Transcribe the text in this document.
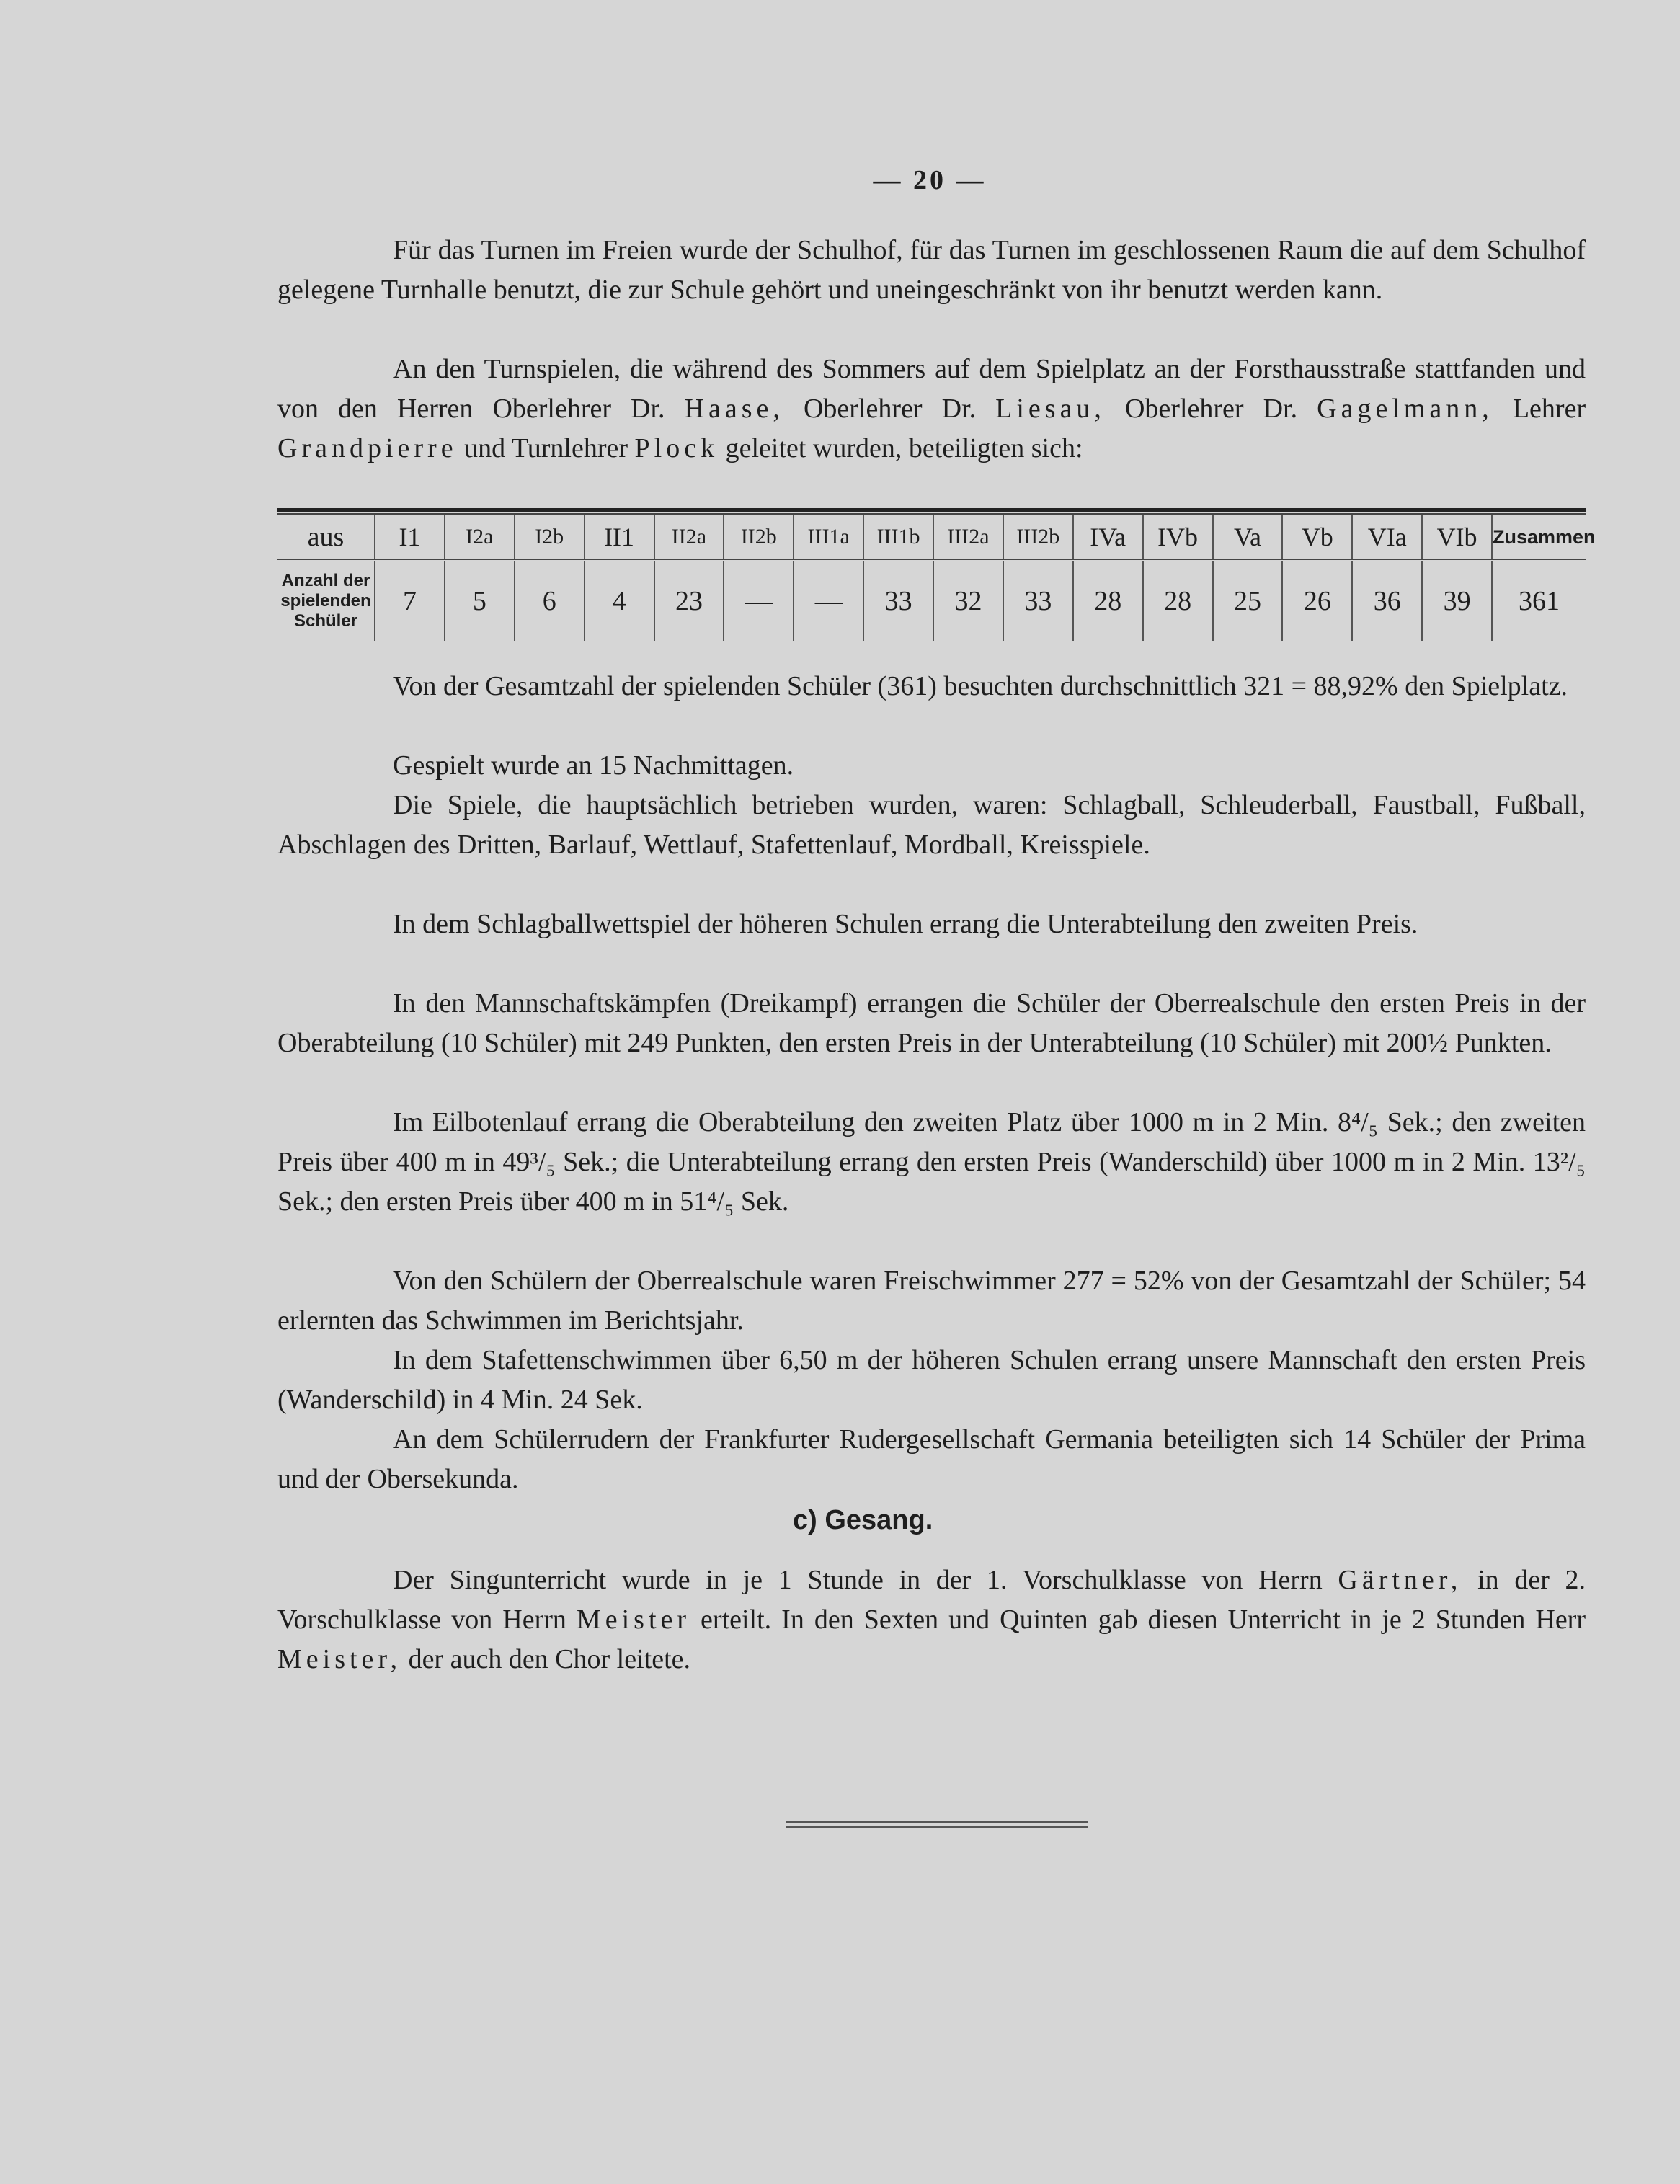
— 20 —
Für das Turnen im Freien wurde der Schulhof, für das Turnen im geschlossenen Raum die auf dem Schulhof gelegene Turnhalle benutzt, die zur Schule gehört und uneingeschränkt von ihr benutzt werden kann.
An den Turnspielen, die während des Sommers auf dem Spielplatz an der Forsthausstraße stattfanden und von den Herren Oberlehrer Dr. Haase, Oberlehrer Dr. Liesau, Oberlehrer Dr. Gagelmann, Lehrer Grandpierre und Turnlehrer Plock geleitet wurden, beteiligten sich:
aus	I1	I2a	I2b	II1	II2a	II2b	III1a	III1b	III2a	III2b	IVa	IVb	Va	Vb	VIa	VIb	Zusammen
Anzahl der spielenden Schüler	7	5	6	4	23	—	—	33	32	33	28	28	25	26	36	39	361
Von der Gesamtzahl der spielenden Schüler (361) besuchten durchschnittlich 321 = 88,92% den Spielplatz.
Gespielt wurde an 15 Nachmittagen.
Die Spiele, die hauptsächlich betrieben wurden, waren: Schlagball, Schleuderball, Faustball, Fußball, Abschlagen des Dritten, Barlauf, Wettlauf, Stafettenlauf, Mordball, Kreisspiele.
In dem Schlagballwettspiel der höheren Schulen errang die Unterabteilung den zweiten Preis.
In den Mannschaftskämpfen (Dreikampf) errangen die Schüler der Oberrealschule den ersten Preis in der Oberabteilung (10 Schüler) mit 249 Punkten, den ersten Preis in der Unterabteilung (10 Schüler) mit 200½ Punkten.
Im Eilbotenlauf errang die Oberabteilung den zweiten Platz über 1000 m in 2 Min. 8⁴/₅ Sek.; den zweiten Preis über 400 m in 49³/₅ Sek.; die Unterabteilung errang den ersten Preis (Wanderschild) über 1000 m in 2 Min. 13²/₅ Sek.; den ersten Preis über 400 m in 51⁴/₅ Sek.
Von den Schülern der Oberrealschule waren Freischwimmer 277 = 52% von der Gesamtzahl der Schüler; 54 erlernten das Schwimmen im Berichtsjahr.
In dem Stafettenschwimmen über 6,50 m der höheren Schulen errang unsere Mannschaft den ersten Preis (Wanderschild) in 4 Min. 24 Sek.
An dem Schülerrudern der Frankfurter Rudergesellschaft Germania beteiligten sich 14 Schüler der Prima und der Obersekunda.
c) Gesang.
Der Singunterricht wurde in je 1 Stunde in der 1. Vorschulklasse von Herrn Gärtner, in der 2. Vorschulklasse von Herrn Meister erteilt. In den Sexten und Quinten gab diesen Unterricht in je 2 Stunden Herr Meister, der auch den Chor leitete.
